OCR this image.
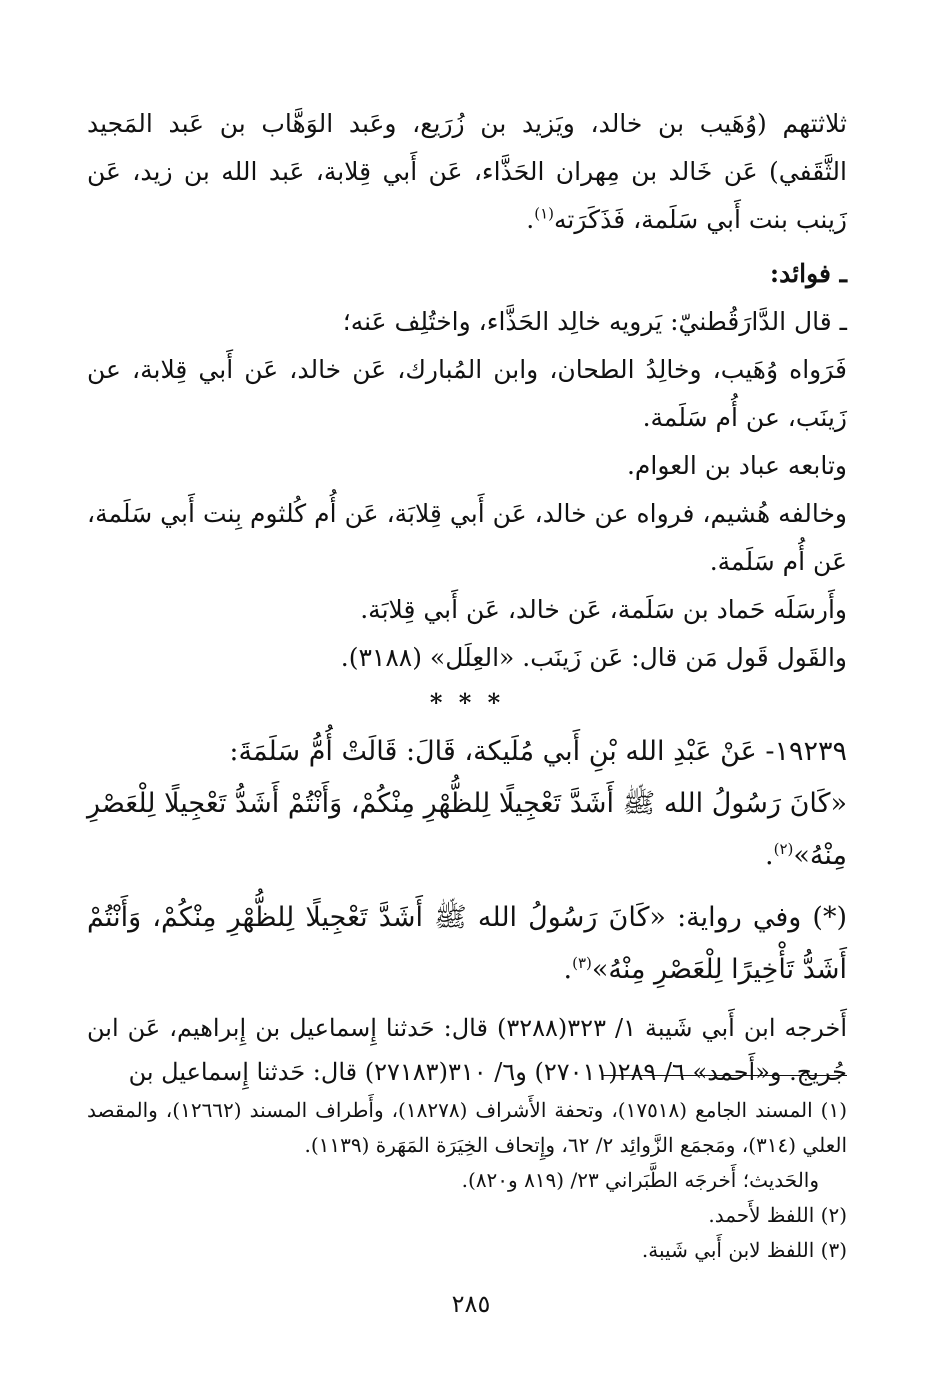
ثلاثتهم (وُهَيب بن خالد، ويَزيد بن زُرَيع، وعَبد الوَهَّاب بن عَبد المَجيد الثَّقَفي) عَن خَالد بن مِهران الحَذَّاء، عَن أَبي قِلابة، عَبد الله بن زيد، عَن زَينب بنت أَبي سَلَمة، فَذَكَرَته$^{(١)}$.

ـ فوائد:

ـ قال الدَّارَقُطنيّ: يَرويه خالِد الحَذَّاء، واختُلِف عَنه؛

فَرَواه وُهَيب، وخالِدُ الطحان، وابن المُبارك، عَن خالد، عَن أَبي قِلابة، عن زَينَب، عن أُم سَلَمة.

وتابعه عباد بن العوام.

وخالفه هُشيم، فرواه عن خالد، عَن أَبي قِلابَة، عَن أُم كُلثوم بِنت أَبي سَلَمة، عَن أُم سَلَمة.

وأَرسَلَه حَماد بن سَلَمة، عَن خالد، عَن أَبي قِلابَة.

والقَول قَول مَن قال: عَن زَينَب. «العِلَل» (٣١٨٨).

* * *

١٩٢٣٩- عَنْ عَبْدِ الله بْنِ أَبي مُلَيكة، قَالَ: قَالَتْ أُمُّ سَلَمَةَ:

«كَانَ رَسُولُ الله ﷺ أَشَدَّ تَعْجِيلًا لِلظُّهْرِ مِنْكُمْ، وَأَنْتُمْ أَشَدُّ تَعْجِيلًا لِلْعَصْرِ مِنْهُ»$^{(٢)}$.

(*) وفي رواية: «كَانَ رَسُولُ الله ﷺ أَشَدَّ تَعْجِيلًا لِلظُّهْرِ مِنْكُمْ، وَأَنْتُمْ أَشَدُّ تَأْخِيرًا لِلْعَصْرِ مِنْهُ»$^{(٣)}$.

أَخرجه ابن أَبي شَيبة ١/ ٣٢٣(٣٢٨٨) قال: حَدثنا إِسماعيل بن إِبراهيم، عَن ابن جُريج. و«أَحمد» ٦/ ٢٨٩(٢٧٠١١) و٦/ ٣١٠(٢٧١٨٣) قال: حَدثنا إِسماعيل بن

(١) المسند الجامع (١٧٥١٨)، وتحفة الأَشراف (١٨٢٧٨)، وأَطراف المسند (١٢٦٦٢)، والمقصد العلي (٣١٤)، ومَجمَع الزَّوائِد ٢/ ٦٢، وإِتحاف الخِيَرَة المَهَرة (١١٣٩).

والحَديث؛ أَخرجَه الطَّبَراني ٢٣/ (٨١٩ و٨٢٠).

(٢) اللفظ لأَحمد.

(٣) اللفظ لابن أَبي شَيبة.

٢٨٥
